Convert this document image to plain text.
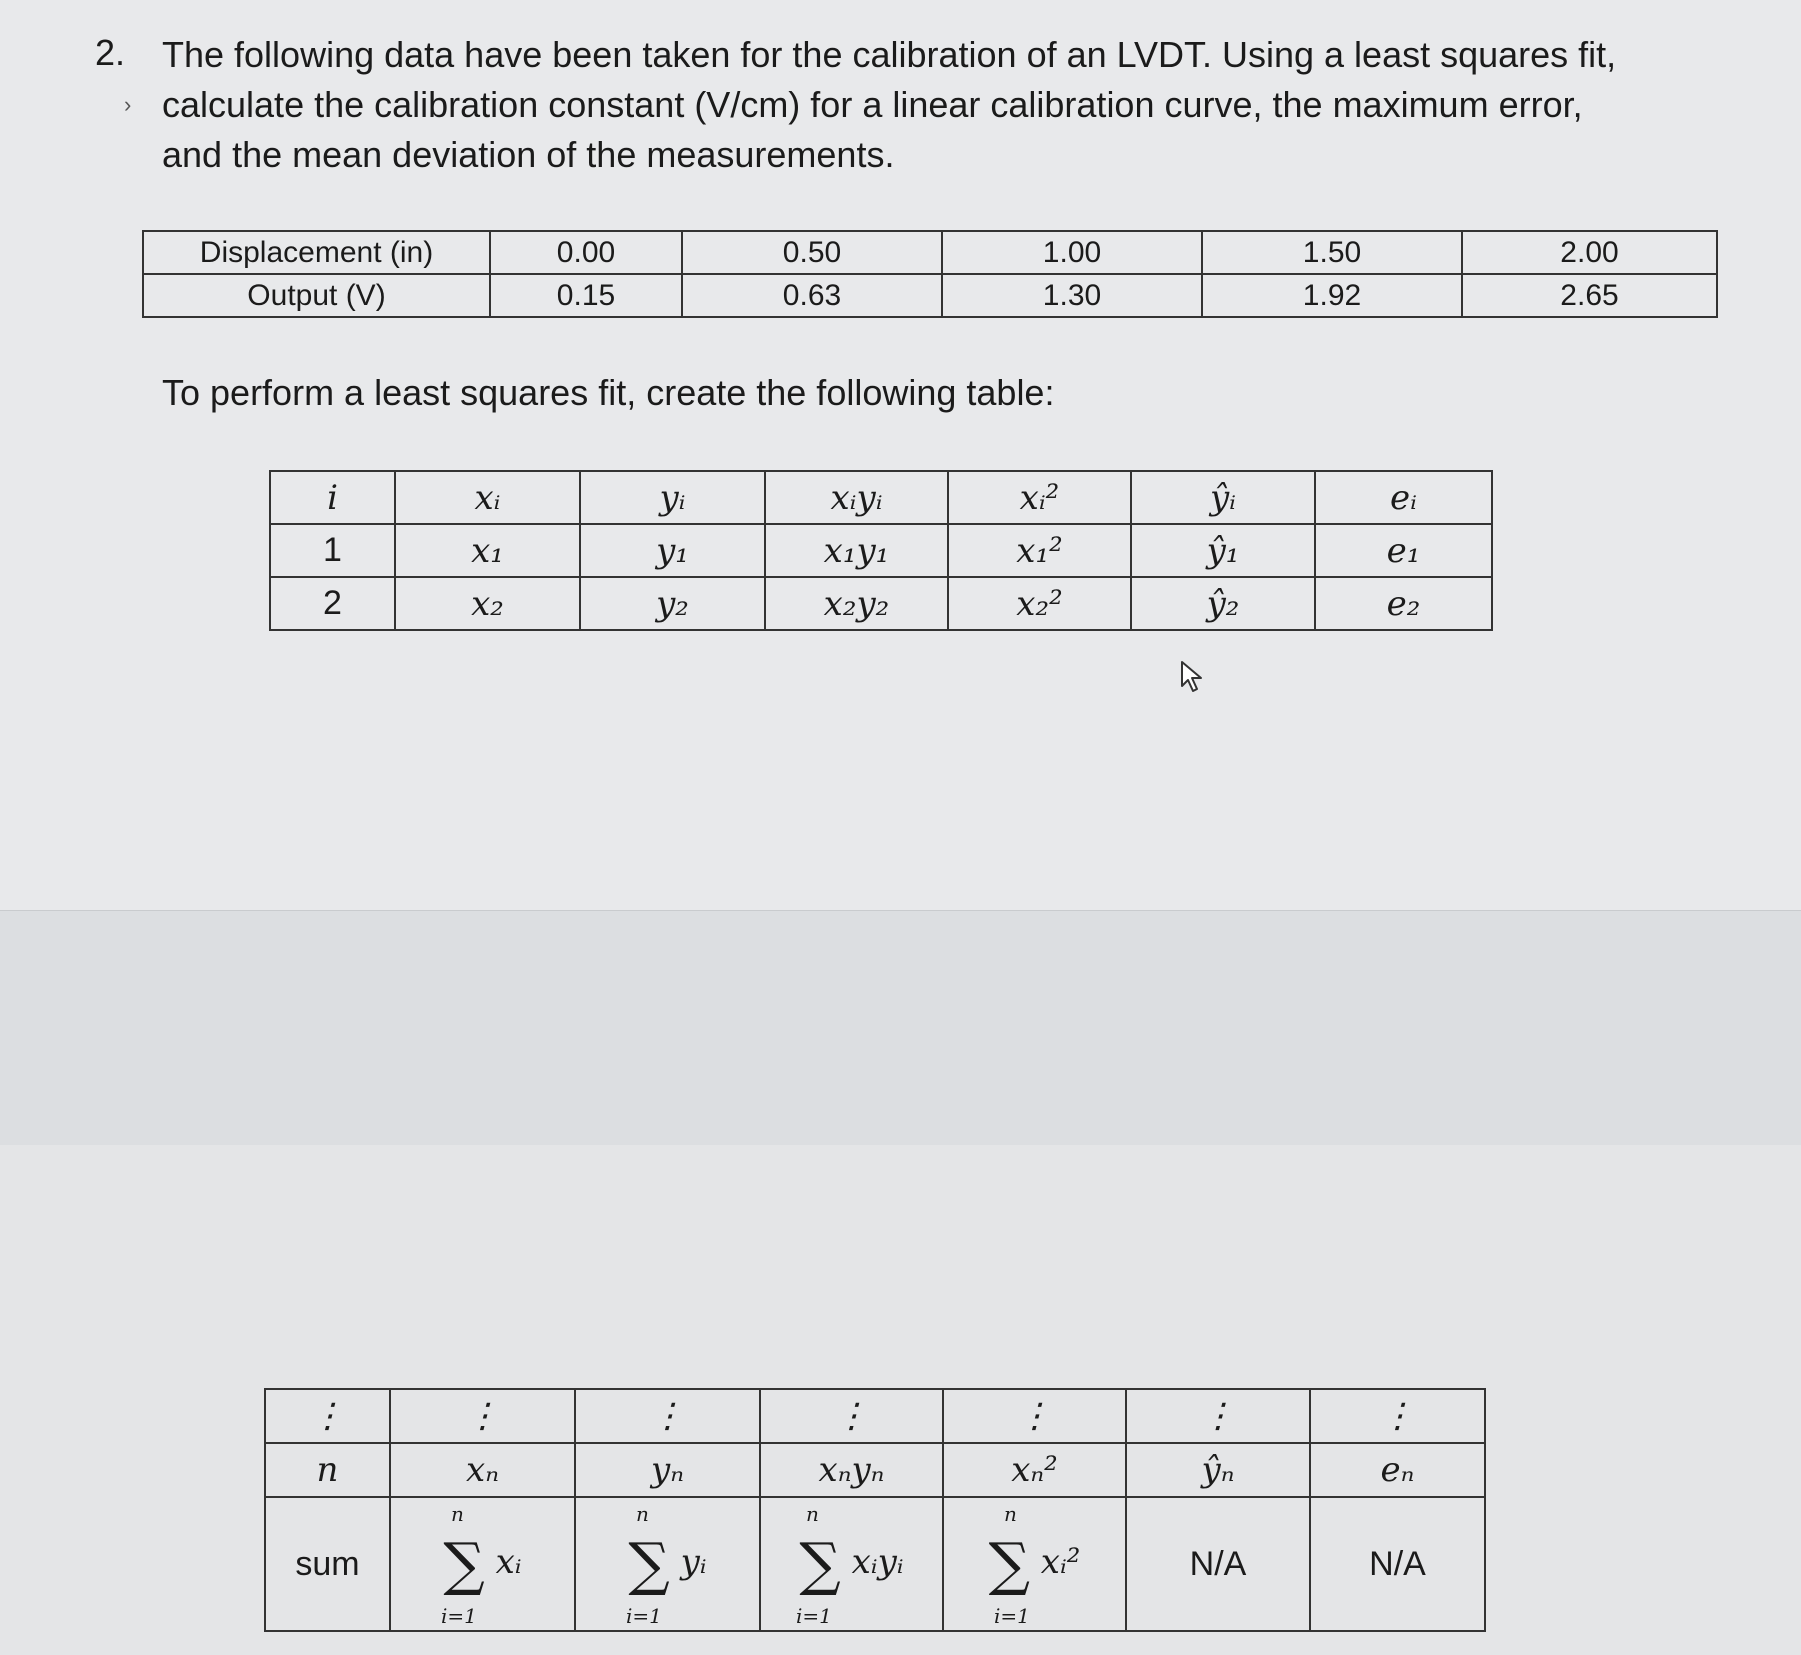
2.
›
The following data have been taken for the calibration of an LVDT. Using a least squares fit,
calculate the calibration constant (V/cm) for a linear calibration curve, the maximum error,
and the mean deviation of the measurements.
Displacement (in)	0.00	0.50	1.00	1.50	2.00
Output (V)	0.15	0.63	1.30	1.92	2.65
To perform a least squares fit, create the following table:
i	xᵢ	yᵢ	xᵢyᵢ	xᵢ²	ŷᵢ	eᵢ
1	x₁	y₁	x₁y₁	x₁²	ŷ₁	e₁
2	x₂	y₂	x₂y₂	x₂²	ŷ₂	e₂
⋮	⋮	⋮	⋮	⋮	⋮	⋮
n	xₙ	yₙ	xₙyₙ	xₙ²	ŷₙ	eₙ
sum	n
∑ xᵢ
i=1	n
∑ yᵢ
i=1	n
∑ xᵢyᵢ
i=1	n
∑ xᵢ²
i=1	N/A	N/A
